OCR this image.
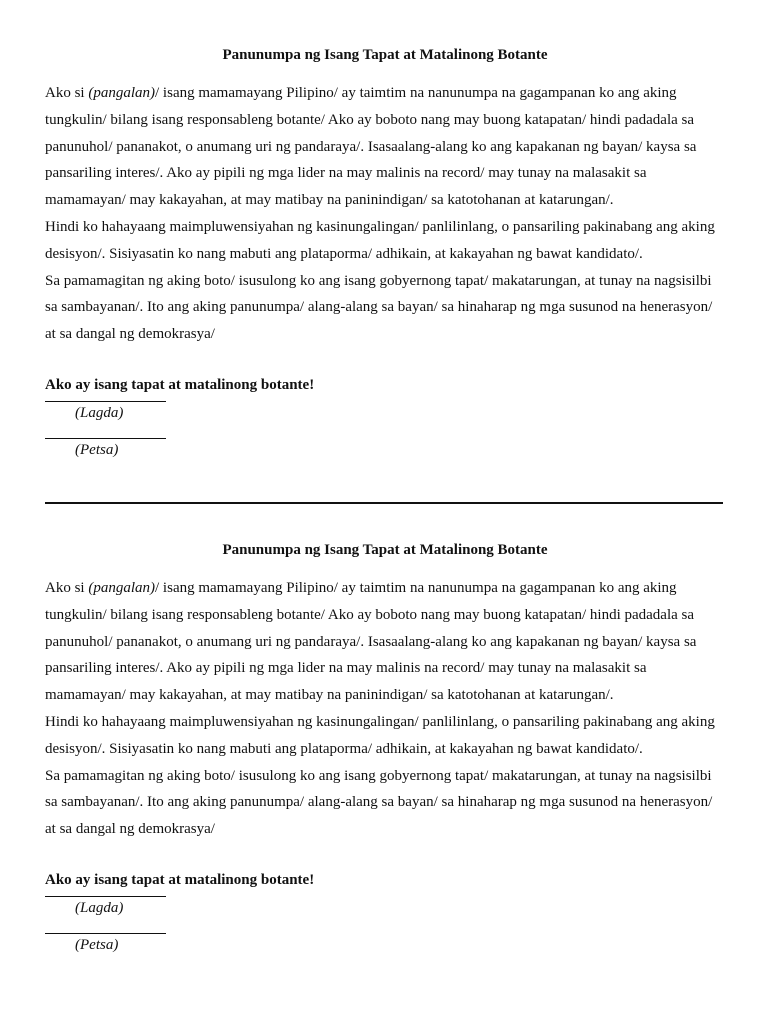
Panunumpa ng Isang Tapat at Matalinong Botante

Ako si (pangalan)/ isang mamamayang Pilipino/ ay taimtim na nanunumpa na gagampanan ko ang aking tungkulin/ bilang isang responsableng botante/ Ako ay boboto nang may buong katapatan/ hindi padadala sa panunuhol/ pananakot, o anumang uri ng pandaraya/. Isasaalang-alang ko ang kapakanan ng bayan/ kaysa sa pansariling interes/. Ako ay pipili ng mga lider na may malinis na record/ may tunay na malasakit sa mamamayan/ may kakayahan, at may matibay na paninindigan/ sa katotohanan at katarungan/.

Hindi ko hahayaang maimpluwensiyahan ng kasinungalingan/ panlilinlang, o pansariling pakinabang ang aking desisyon/. Sisiyasatin ko nang mabuti ang plataporma/ adhikain, at kakayahan ng bawat kandidato/.

Sa pamamagitan ng aking boto/ isusulong ko ang isang gobyernong tapat/ makatarungan, at tunay na nagsisilbi sa sambayanan/. Ito ang aking panunumpa/ alang-alang sa bayan/ sa hinaharap ng mga susunod na henerasyon/ at sa dangal ng demokrasya/

Ako ay isang tapat at matalinong botante!
(Lagda)
(Petsa)
Panunumpa ng Isang Tapat at Matalinong Botante

Ako si (pangalan)/ isang mamamayang Pilipino/ ay taimtim na nanunumpa na gagampanan ko ang aking tungkulin/ bilang isang responsableng botante/ Ako ay boboto nang may buong katapatan/ hindi padadala sa panunuhol/ pananakot, o anumang uri ng pandaraya/. Isasaalang-alang ko ang kapakanan ng bayan/ kaysa sa pansariling interes/. Ako ay pipili ng mga lider na may malinis na record/ may tunay na malasakit sa mamamayan/ may kakayahan, at may matibay na paninindigan/ sa katotohanan at katarungan/.

Hindi ko hahayaang maimpluwensiyahan ng kasinungalingan/ panlilinlang, o pansariling pakinabang ang aking desisyon/. Sisiyasatin ko nang mabuti ang plataporma/ adhikain, at kakayahan ng bawat kandidato/.

Sa pamamagitan ng aking boto/ isusulong ko ang isang gobyernong tapat/ makatarungan, at tunay na nagsisilbi sa sambayanan/. Ito ang aking panunumpa/ alang-alang sa bayan/ sa hinaharap ng mga susunod na henerasyon/ at sa dangal ng demokrasya/

Ako ay isang tapat at matalinong botante!
(Lagda)
(Petsa)
